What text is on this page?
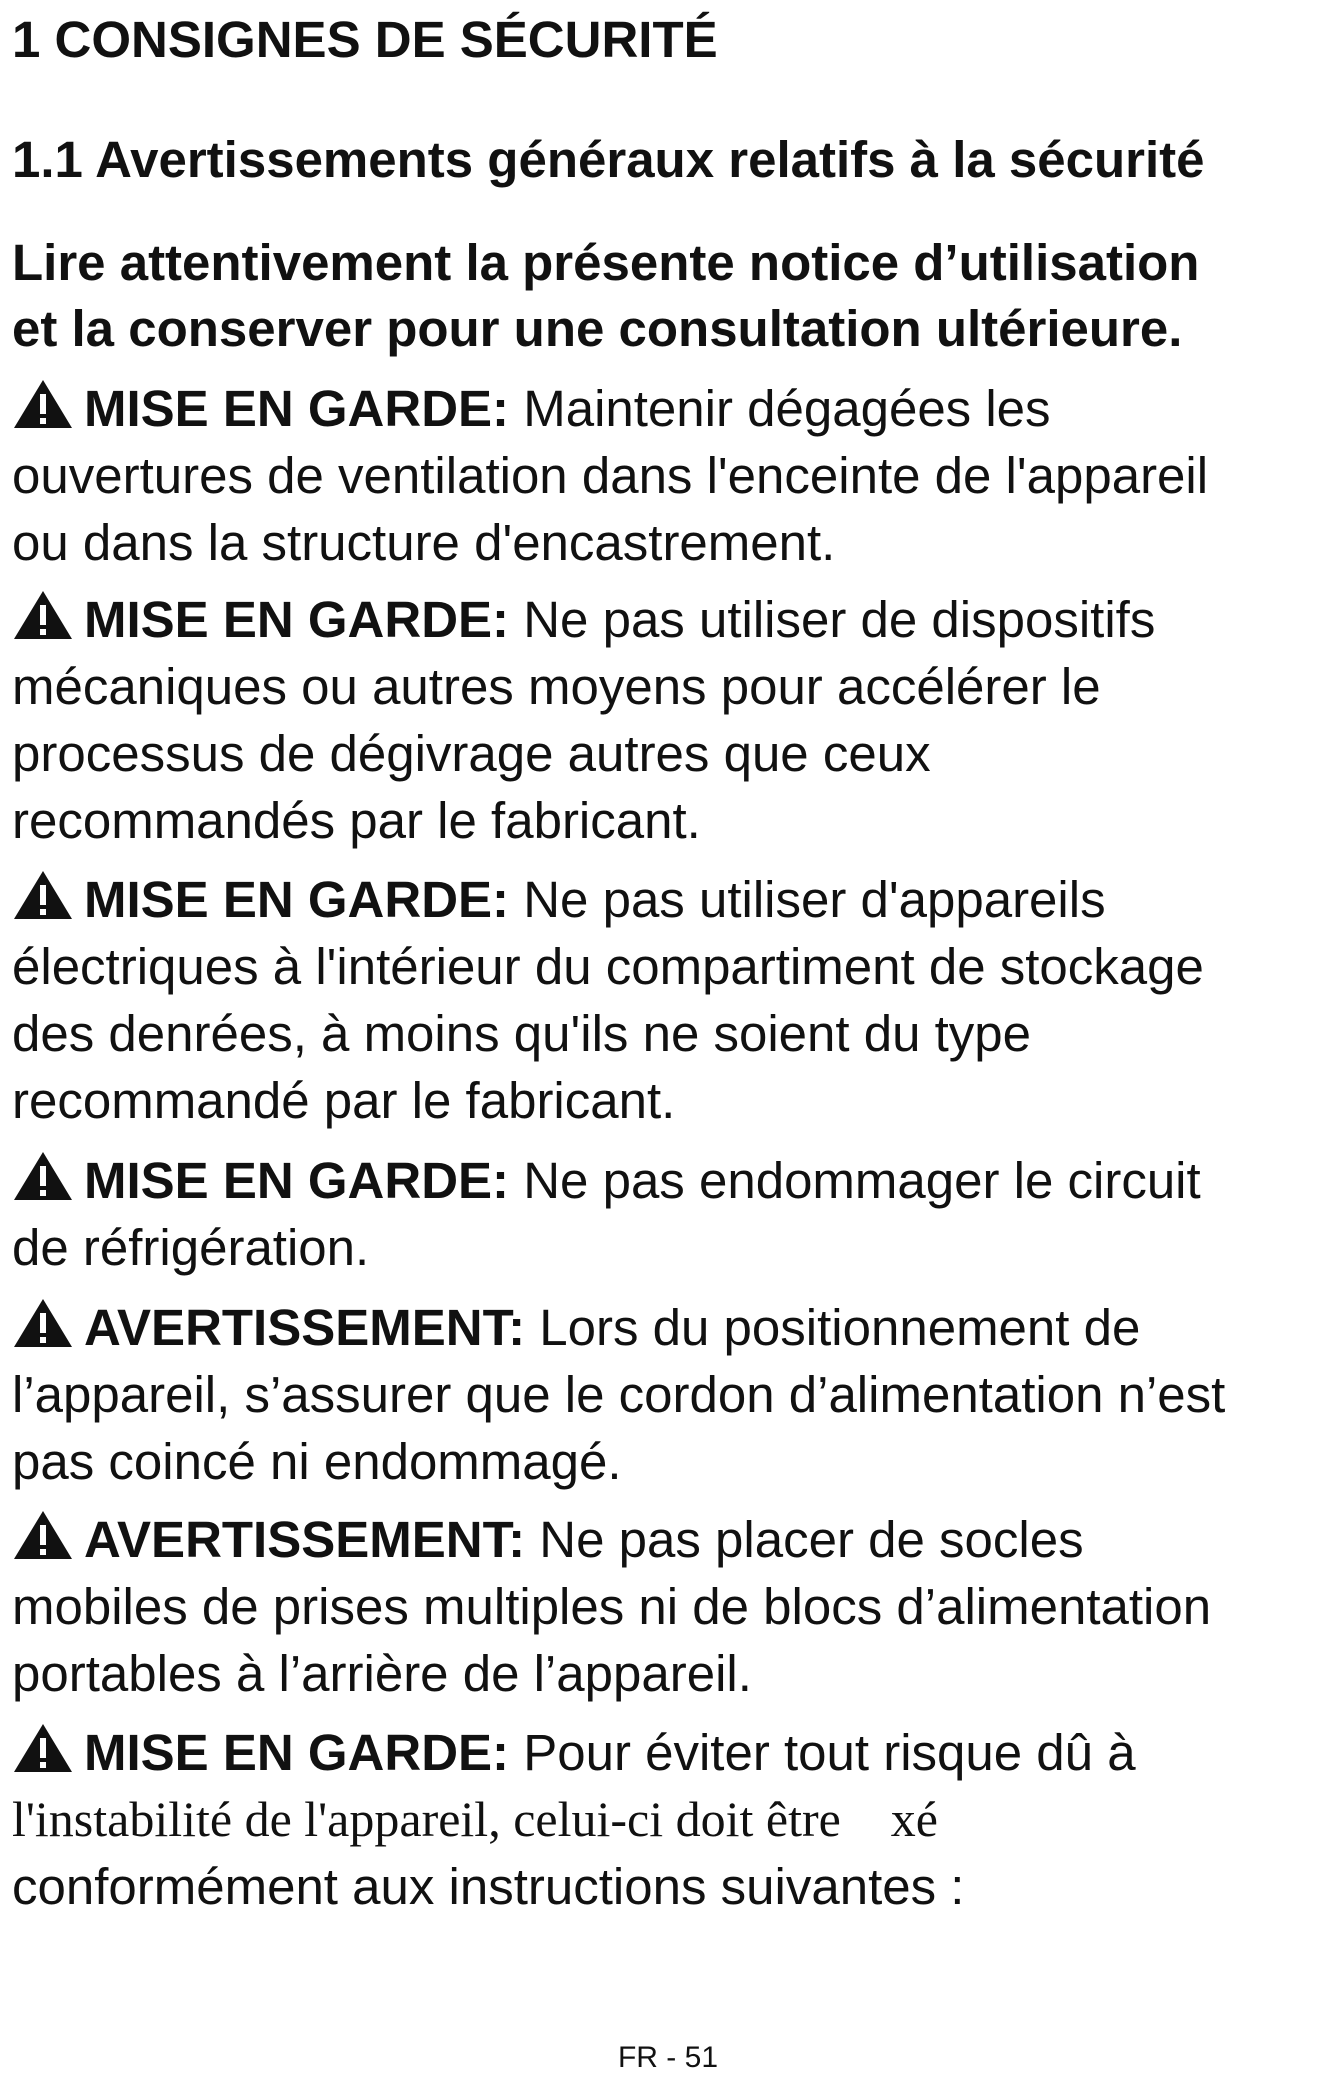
1 CONSIGNES DE SÉCURITÉ
1.1 Avertissements généraux relatifs à la sécurité

Lire attentivement la présente notice d’utilisation
et la conserver pour une consultation ultérieure.

MISE EN GARDE: Maintenir dégagées les
ouvertures de ventilation dans l'enceinte de l'appareil
ou dans la structure d'encastrement.
MISE EN GARDE: Ne pas utiliser de dispositifs
mécaniques ou autres moyens pour accélérer le
processus de dégivrage autres que ceux
recommandés par le fabricant.
MISE EN GARDE: Ne pas utiliser d'appareils
électriques à l'intérieur du compartiment de stockage
des denrées, à moins qu'ils ne soient du type
recommandé par le fabricant.
MISE EN GARDE: Ne pas endommager le circuit
de réfrigération.
AVERTISSEMENT: Lors du positionnement de
l’appareil, s’assurer que le cordon d’alimentation n’est
pas coincé ni endommagé.
AVERTISSEMENT: Ne pas placer de socles
mobiles de prises multiples ni de blocs d’alimentation
portables à l’arrière de l’appareil.
MISE EN GARDE: Pour éviter tout risque dû à
l'instabilité de l'appareil, celui-ci doit être    xé
conformément aux instructions suivantes :

FR - 51
